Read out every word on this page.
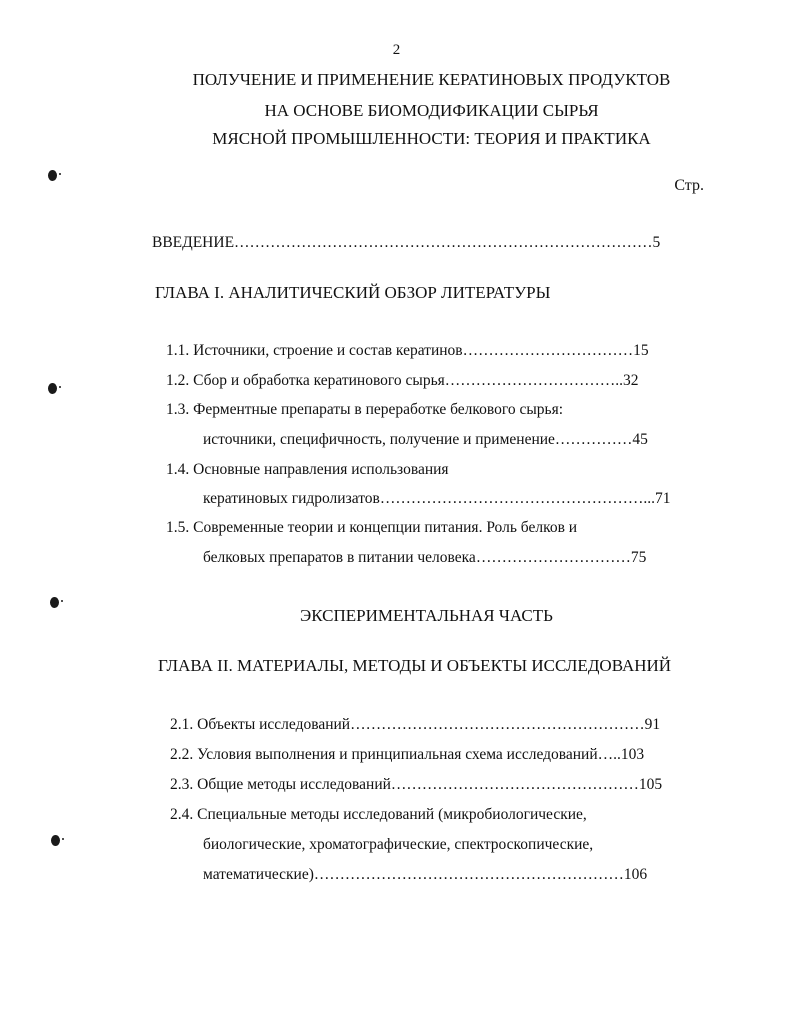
2
ПОЛУЧЕНИЕ И ПРИМЕНЕНИЕ КЕРАТИНОВЫХ ПРОДУКТОВ
НА ОСНОВЕ БИОМОДИФИКАЦИИ СЫРЬЯ
МЯСНОЙ ПРОМЫШЛЕННОСТИ: ТЕОРИЯ И ПРАКТИКА
Стр.
ВВЕДЕНИЕ………………………………………………………………………5
ГЛАВА I. АНАЛИТИЧЕСКИЙ ОБЗОР ЛИТЕРАТУРЫ
1.1. Источники, строение и состав кератинов……………………………15
1.2. Сбор и обработка кератинового сырья……………………………..32
1.3. Ферментные препараты в переработке белкового сырья:
источники, специфичность, получение и применение……………45
1.4. Основные направления использования
кератиновых гидролизатов……………………………………………...71
1.5. Современные теории и концепции питания. Роль белков и
белковых препаратов в питании человека…………………………75
ЭКСПЕРИМЕНТАЛЬНАЯ ЧАСТЬ
ГЛАВА II. МАТЕРИАЛЫ, МЕТОДЫ И ОБЪЕКТЫ ИССЛЕДОВАНИЙ
2.1. Объекты исследований…………………………………………………91
2.2. Условия выполнения и принципиальная схема исследований…..103
2.3. Общие методы исследований…………………………………………105
2.4. Специальные методы исследований (микробиологические,
биологические, хроматографические, спектроскопические,
математические)……………………………………………………106
